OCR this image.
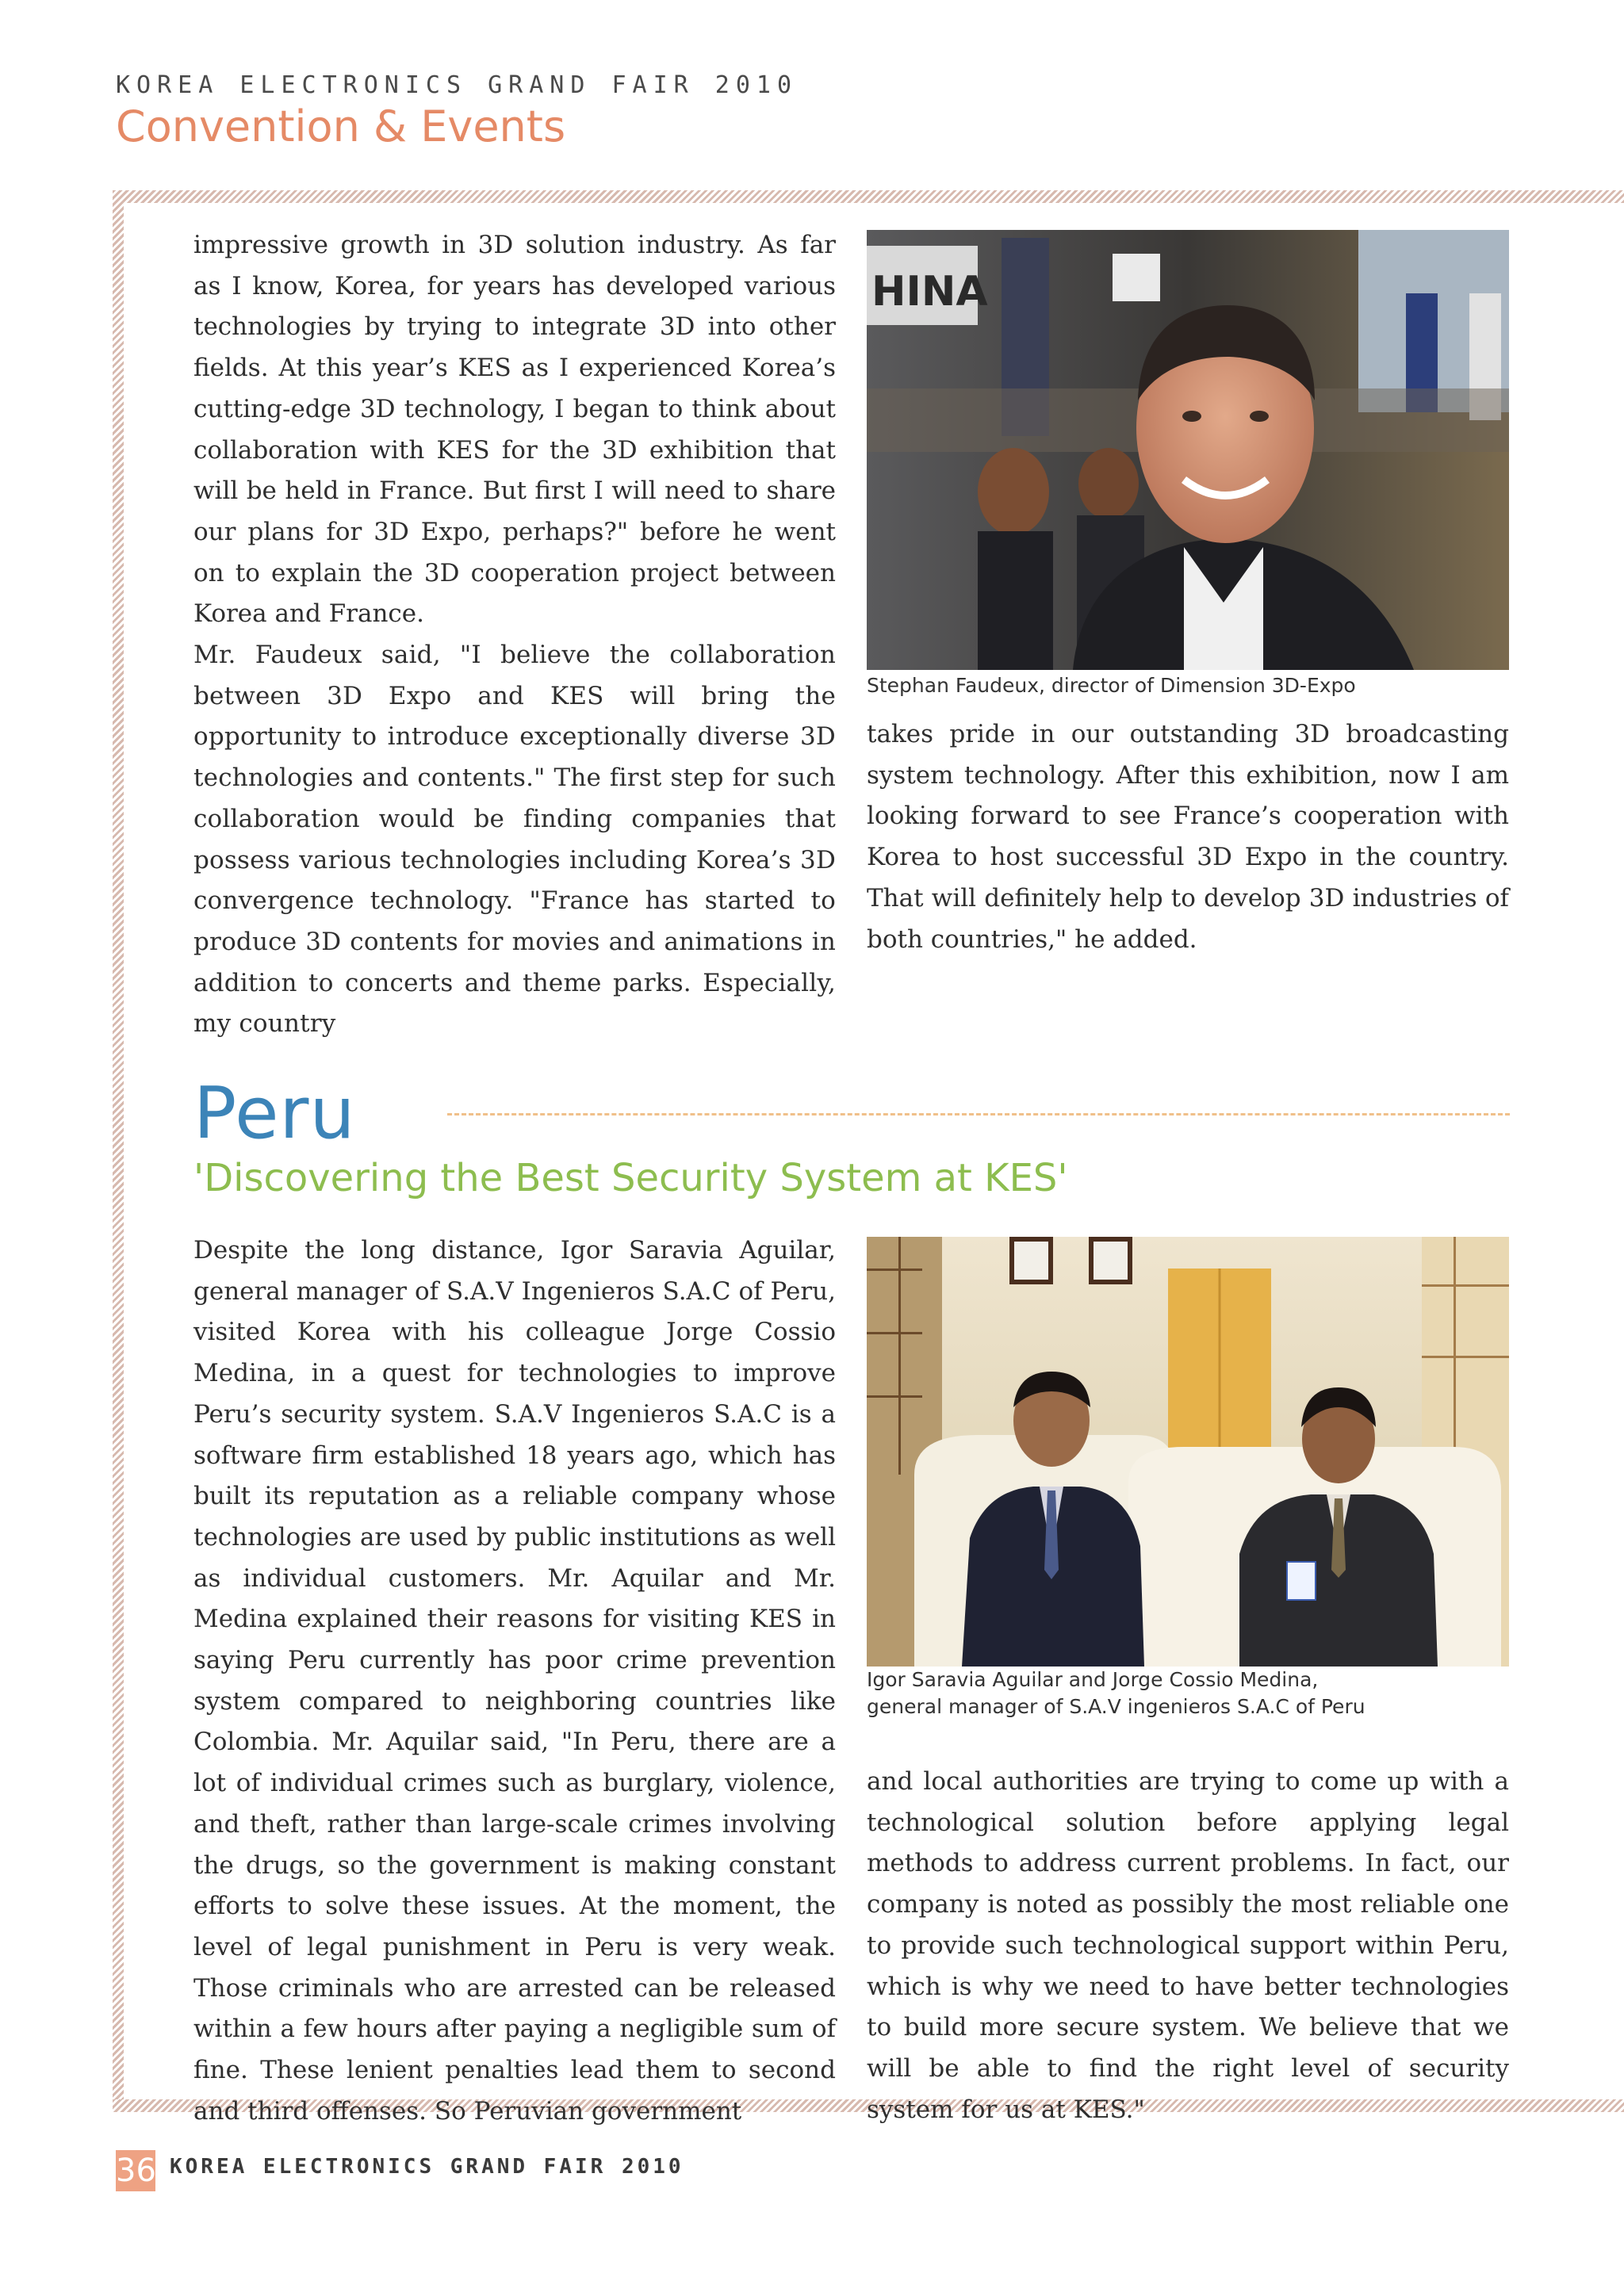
KOREA ELECTRONICS GRAND FAIR 2010
Convention & Events

impressive growth in 3D solution industry. As far as I know, Korea, for years has developed various technologies by trying to integrate 3D into other fields. At this year’s KES as I experienced Korea’s cutting-edge 3D technology, I began to think about collaboration with KES for the 3D exhibition that will be held in France. But first I will need to share our plans for 3D Expo, perhaps?" before he went on to explain the 3D cooperation project between Korea and France.

Mr. Faudeux said, "I believe the collaboration between 3D Expo and KES will bring the opportunity to introduce exceptionally diverse 3D technologies and contents." The first step for such collaboration would be finding companies that possess various technologies including Korea’s 3D convergence technology. "France has started to produce 3D contents for movies and animations in addition to concerts and theme parks. Especially, my country

HINA
Stephan Faudeux, director of Dimension 3D-Expo

takes pride in our outstanding 3D broadcasting system technology. After this exhibition, now I am looking forward to see France’s cooperation with Korea to host successful 3D Expo in the country. That will definitely help to develop 3D industries of both countries," he added.

Peru
'Discovering the Best Security System at KES'

Despite the long distance, Igor Saravia Aguilar, general manager of S.A.V Ingenieros S.A.C of Peru, visited Korea with his colleague Jorge Cossio Medina, in a quest for technologies to improve Peru’s security system. S.A.V Ingenieros S.A.C is a software firm established 18 years ago, which has built its reputation as a reliable company whose technologies are used by public institutions as well as individual customers. Mr. Aquilar and Mr. Medina explained their reasons for visiting KES in saying Peru currently has poor crime prevention system compared to neighboring countries like Colombia. Mr. Aquilar said, "In Peru, there are a lot of individual crimes such as burglary, violence, and theft, rather than large-scale crimes involving the drugs, so the government is making constant efforts to solve these issues. At the moment, the level of legal punishment in Peru is very weak. Those criminals who are arrested can be released within a few hours after paying a negligible sum of fine. These lenient penalties lead them to second and third offenses. So Peruvian government

Igor Saravia Aguilar and Jorge Cossio Medina,
general manager of S.A.V ingenieros S.A.C of Peru

and local authorities are trying to come up with a technological solution before applying legal methods to address current problems. In fact, our company is noted as possibly the most reliable one to provide such technological support within Peru, which is why we need to have better technologies to build more secure system. We believe that we will be able to find the right level of security system for us at KES."

36 KOREA ELECTRONICS GRAND FAIR 2010
